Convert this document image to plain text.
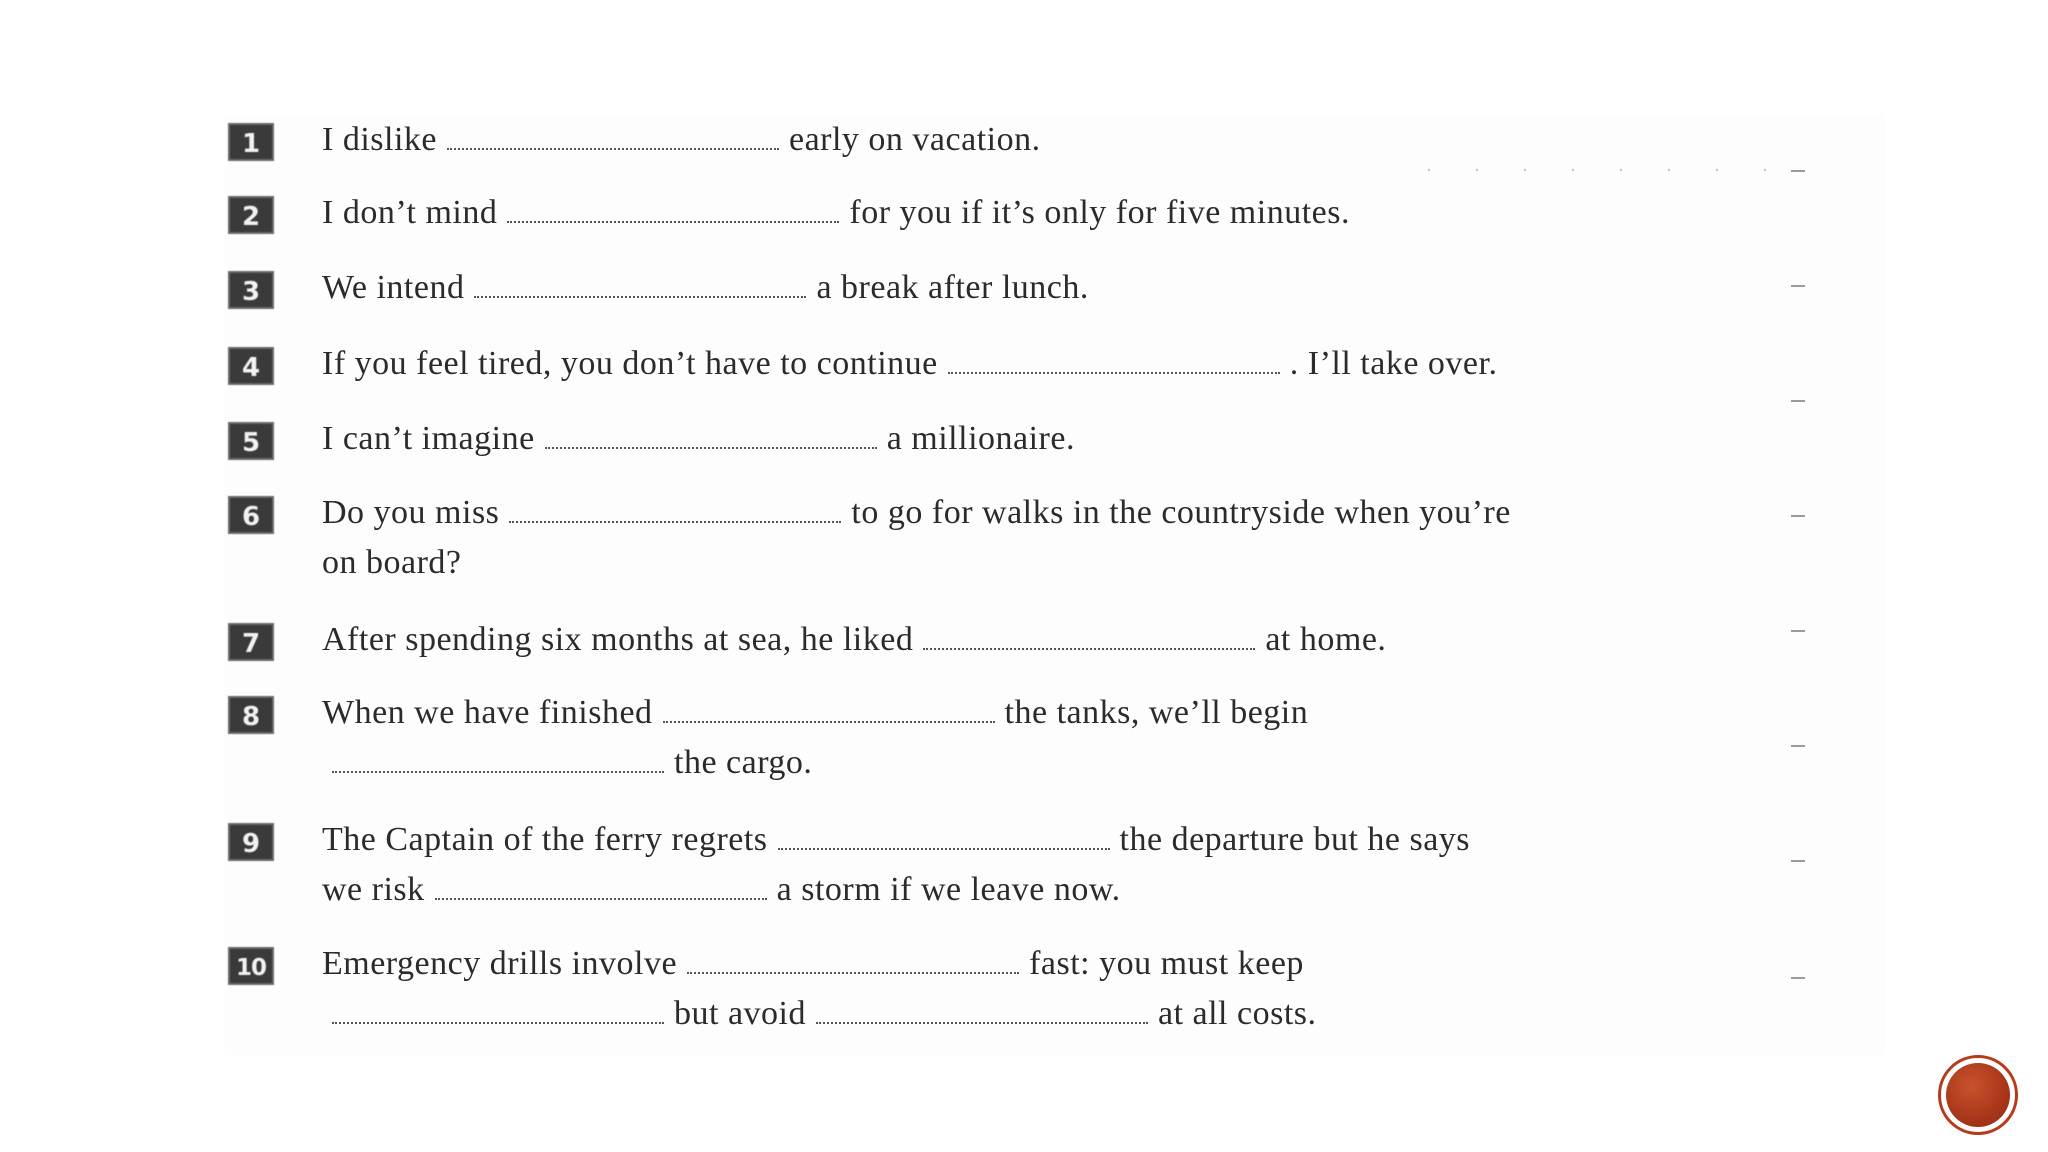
1	I dislike	early on vacation.
2	I don’t mind	for you if it’s only for five minutes.
3	We intend	a break after lunch.
4	If you feel tired, you don’t have to continue	. I’ll take over.
5	I can’t imagine	a millionaire.
6	Do you miss	to go for walks in the countryside when you’re
on board?
7	After spending six months at sea, he liked	at home.
8	When we have finished	the tanks, we’ll begin
the cargo.
9	The Captain of the ferry regrets	the departure but he says
we risk	a storm if we leave now.
10 Emergency drills involve	fast: you must keep
but avoid	at all costs.
